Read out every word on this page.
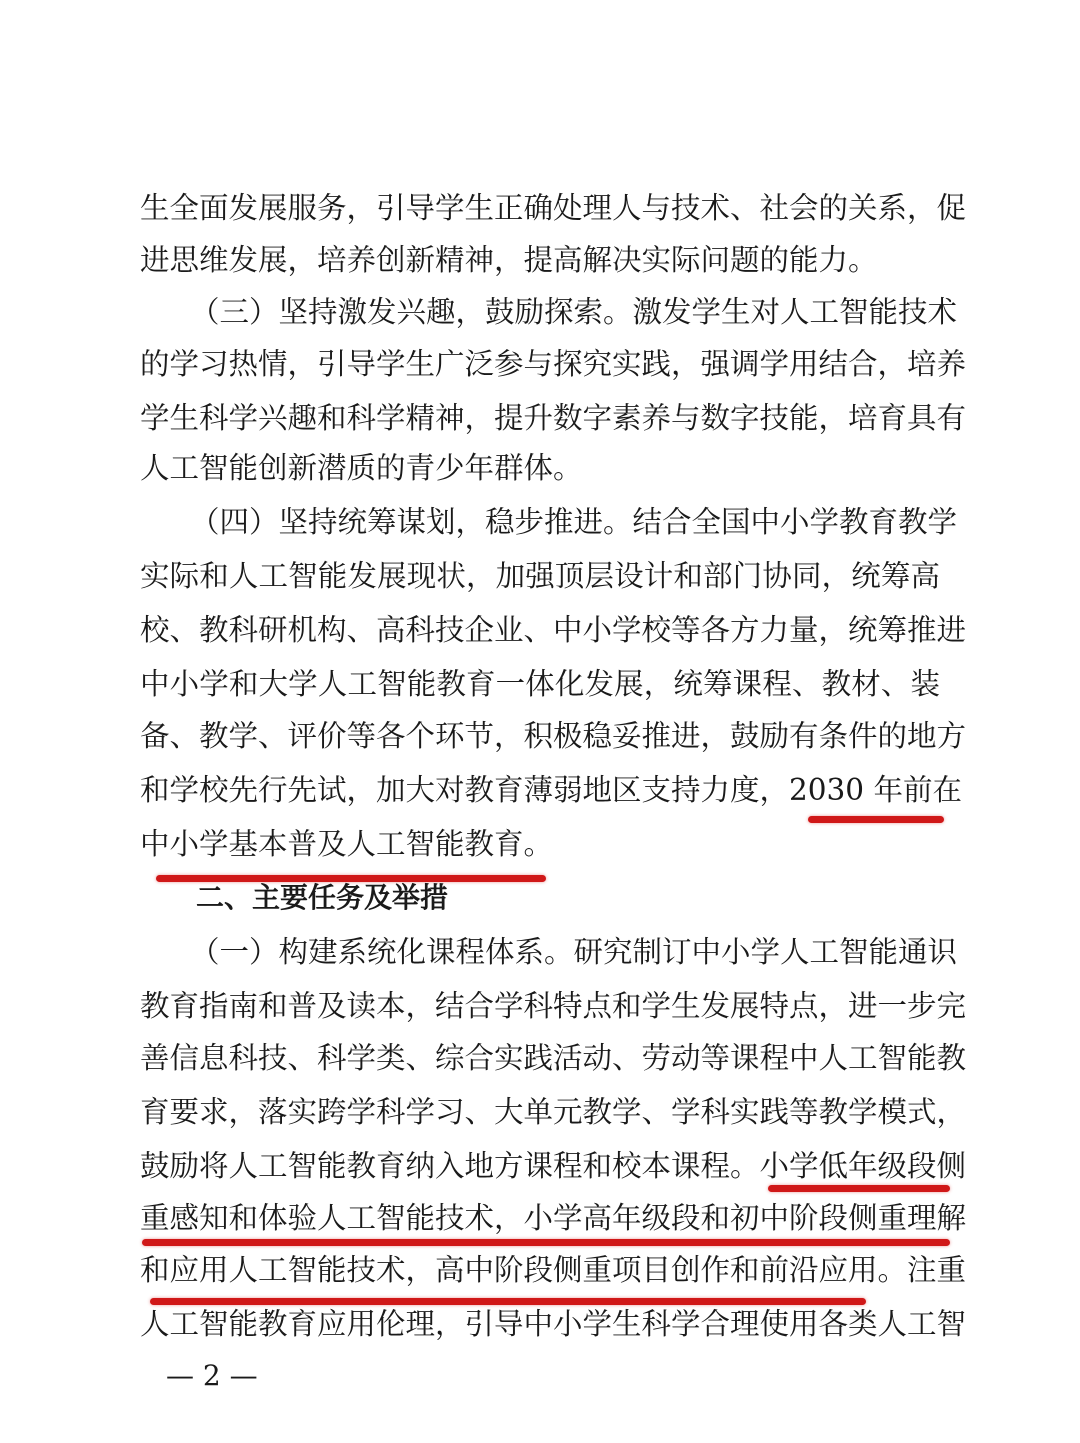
生全面发展服务，引导学生正确处理人与技术、社会的关系，促
进思维发展，培养创新精神，提高解决实际问题的能力。
（三）坚持激发兴趣，鼓励探索。激发学生对人工智能技术
的学习热情，引导学生广泛参与探究实践，强调学用结合，培养
学生科学兴趣和科学精神，提升数字素养与数字技能，培育具有
人工智能创新潜质的青少年群体。
（四）坚持统筹谋划，稳步推进。结合全国中小学教育教学
实际和人工智能发展现状，加强顶层设计和部门协同，统筹高
校、教科研机构、高科技企业、中小学校等各方力量，统筹推进
中小学和大学人工智能教育一体化发展，统筹课程、教材、装
备、教学、评价等各个环节，积极稳妥推进，鼓励有条件的地方
和学校先行先试，加大对教育薄弱地区支持力度，2030 年前在
中小学基本普及人工智能教育。
二、主要任务及举措
（一）构建系统化课程体系。研究制订中小学人工智能通识
教育指南和普及读本，结合学科特点和学生发展特点，进一步完
善信息科技、科学类、综合实践活动、劳动等课程中人工智能教
育要求，落实跨学科学习、大单元教学、学科实践等教学模式，
鼓励将人工智能教育纳入地方课程和校本课程。小学低年级段侧
重感知和体验人工智能技术，小学高年级段和初中阶段侧重理解
和应用人工智能技术，高中阶段侧重项目创作和前沿应用。注重
人工智能教育应用伦理，引导中小学生科学合理使用各类人工智
— 2 —
